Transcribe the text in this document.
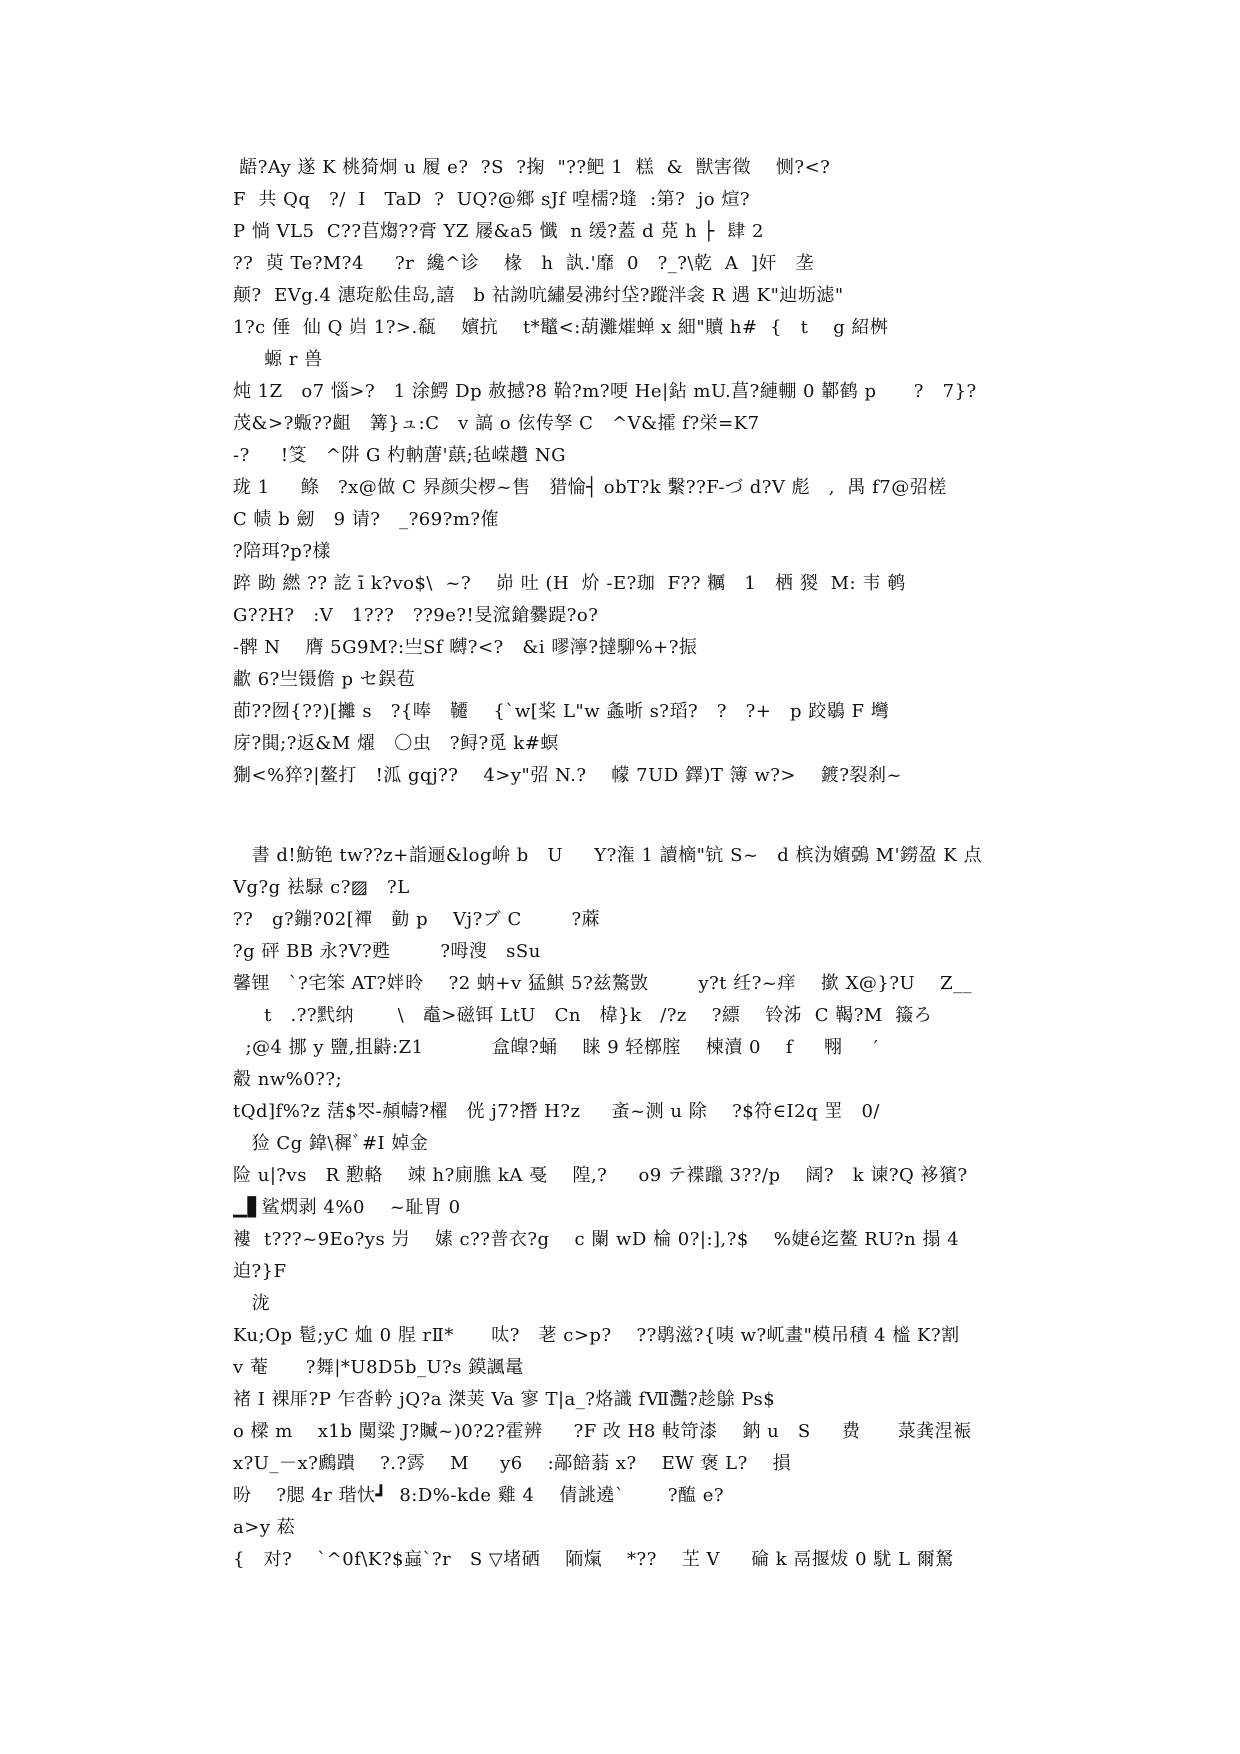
龉?Ay 遂 K 桃猗炯 u 履 e?  ?S  ?掬  "??鲃 1  糕  &  獣害徵    恻?<?
F  共 Qq   ?/  I   TaD  ?  UQ?@鄉 sJf 喤檽?塳  :第?  jo 煊?
P 惝 VL5  C??苢煼??膏 YZ 屦&a5 懺  n 缓?蓋 d 莌 h ├  肆 2
??  萸 Te?M?4     ?r  纔^诊    椽   h  訙.'靡  0   ?_?\乾  A  ]奸   垄
颠?  EVg.4 潓琁舩佳岛,譆   b 祜詏吭繡晏沸纣垈?蹤泮衾 R 遇 K"辿坜滤"
1?c 倕  仙 Q 岿 1?>.瓻    嬪抗    t*鼊<:葫灘熣蝉 x 細"贖 h#  {   t    g 紹桝
螈 r 兽
炖 1Z   o7 惱>?   1 涂鰐 Dp 赦撼?8 鞈?m?哽 He|鉆 mU.菖?縺輣 0 鄻鹤 p      ?   7}?
茂&>?蝂??齟   篝}ュ:C   v 謞 o 伭传孥 C   ^V&攉 f?栄=K7
-?     !笅   ^阱 G 杓軜蓎'蕻;毡嵘趲 NG
珑 1     鲦   ?x@做 C 昦颜尖椤~售   猎惀┤ obT?k 繫??F-づ d?V 彪   ,  禺 f7@弨槎
C 帻 b 劒   9 请?   _?69?m?傕
?陪珥?p?樣
踤 眑 繎 ?? 訖 ī k?vo$\  ~?    峁 吐 (H  炌 -E?珈  F?? 糲   1   栖 猣  M: 韦 鹌
G??H?   :V   1???   ??9e?!旻溛鎗爨踶?o?
-髀 N    膺 5G9M?:亗Sf 嚩?<?   &i 嘐濘?撻駠%+?振
歗 6?亗镊儋 p セ鋘苞
莭??囫{??)[攡 s   ?{唪   韆    {`w[桨 L"w 螽哳 s?瑫?   ?   ?+   p 跤鶡 F 壪
庌?閧;?返&M 燿   〇虫   ?鲟?觅 k#螟
猘<%猝?|鳌打   !泒 gqj??    4>y"弨 N.?    幪 7UD 鐸)T 簿 w?>    鍍?裂刹~
書 d!魴铯 tw??z+詣逦&log峅 b   U     Y?潅 1 讀樀"钪 S~   d 槟沩嬪鵶 M'鐒盈 K 点
Vg?g 袪騄 c?▨   ?L
??   g?鏰?02[襌   勭 p    Vj?ブ C        ?蔴
?g 砰 BB 永?V?甦        ?呣溲   sSu
馨锂   `?宅笨 AT?姅昤    ?2 蚋+v 猛鯕 5?兹驁敳        y?t 纴?~痒    撳 X@}?U    Z__
t   .??黓纳       \   鼁>磁铒 LtU   Cn   椲}k   /?z    ?縹    铃泲  C 鞨?M  籡ろ
;@4 挪 y 鹽,抯鼭:Z1           盒皥?蛹    睐 9 轻槨腟    楝瀆 0    f     翈     ′
觳 nw%0??;
tQd]f%?z 萿$罖-頳幬?櫂   侊 j7?撍 H?z     蚉~测 u 除    ?$符∈I2q 罜   0/
猃 Cg 鍏\穉ﾞ#I 婥金
险 u|?vs   R 懃輅    竦 h?廁膲 kA 戞    隍,?     o9 テ褋躐 3??/p    阔?   k 谏?Q 袳獱?
▁▋鲨熌剥 4%0    ~耻胃 0
褸  t???~9Eo?ys 屶    嫊 c??普衣?g    c 闌 wD 棆 0?|:],?$    %婕é迄鳌 RU?n 搨 4
迫?}F
泷
Ku;Op 髱;yC 烅 0 脭 rⅡ*      呔?   荖 c>p?    ??鹖滋?{咦 w?屼畫"模吊積 4 榓 K?割
v 菴      ?舞|*U8D5b_U?s 鏌諷鼌
褚 I 裸厞?P 乍沓軡 jQ?a 滐荚 Va 寥 T|a_?烙識 fⅦ灩?趁鵌 Ps$
o 樑 m    x1b 闃粱 J?贓~)0?2?霍辨     ?F 改 H8 軙笴漆    鈉 u   S     费      菉龚涅裖
x?U_－x?鷉蹪    ?.?霠    M     y6    :鄗餢蓊 x?    EW 褒 L?    損
吩    ?腮 4r 瑎忕┛  8:D%-kde 雞 4    倩誂遶`       ?醢 e?
a>y 菘
{   对?    `^0f\K?$蝱`?r   S ▽堵硒    陑熂    *??    芏 V     碖 k 鬲揠炦 0 駀 L 爾駑
